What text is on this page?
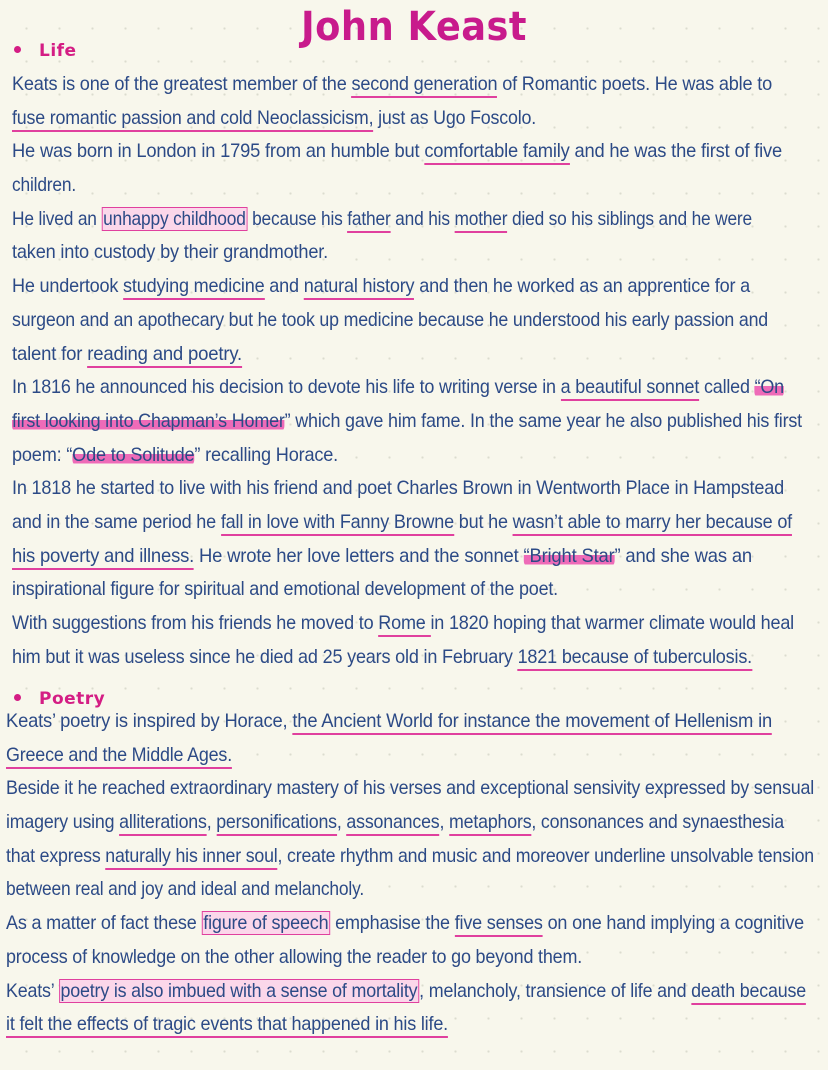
John Keast
Life
Keats is one of the greatest member of the second generation of Romantic poets. He was able to
fuse romantic passion and cold Neoclassicism, just as Ugo Foscolo.
He was born in London in 1795 from an humble but comfortable family and he was the first of five
children.
He lived an unhappy childhood because his father and his mother died so his siblings and he were
taken into custody by their grandmother.
He undertook studying medicine and natural history and then he worked as an apprentice for a
surgeon and an apothecary but he took up medicine because he understood his early passion and
talent for reading and poetry.
In 1816 he announced his decision to devote his life to writing verse in a beautiful sonnet called “On
first looking into Chapman’s Homer” which gave him fame. In the same year he also published his first
poem: “Ode to Solitude” recalling Horace.
In 1818 he started to live with his friend and poet Charles Brown in Wentworth Place in Hampstead
and in the same period he fall in love with Fanny Browne but he wasn’t able to marry her because of
his poverty and illness. He wrote her love letters and the sonnet “Bright Star” and she was an
inspirational figure for spiritual and emotional development of the poet.
With suggestions from his friends he moved to Rome in 1820 hoping that warmer climate would heal
him but it was useless since he died ad 25 years old in February 1821 because of tuberculosis.
Poetry
Keats’ poetry is inspired by Horace, the Ancient World for instance the movement of Hellenism in
Greece and the Middle Ages.
Beside it he reached extraordinary mastery of his verses and exceptional sensivity expressed by sensual
imagery using alliterations, personifications, assonances, metaphors, consonances and synaesthesia
that express naturally his inner soul, create rhythm and music and moreover underline unsolvable tension
between real and joy and ideal and melancholy.
As a matter of fact these figure of speech emphasise the five senses on one hand implying a cognitive
process of knowledge on the other allowing the reader to go beyond them.
Keats’ poetry is also imbued with a sense of mortality, melancholy, transience of life and death because
it felt the effects of tragic events that happened in his life.
